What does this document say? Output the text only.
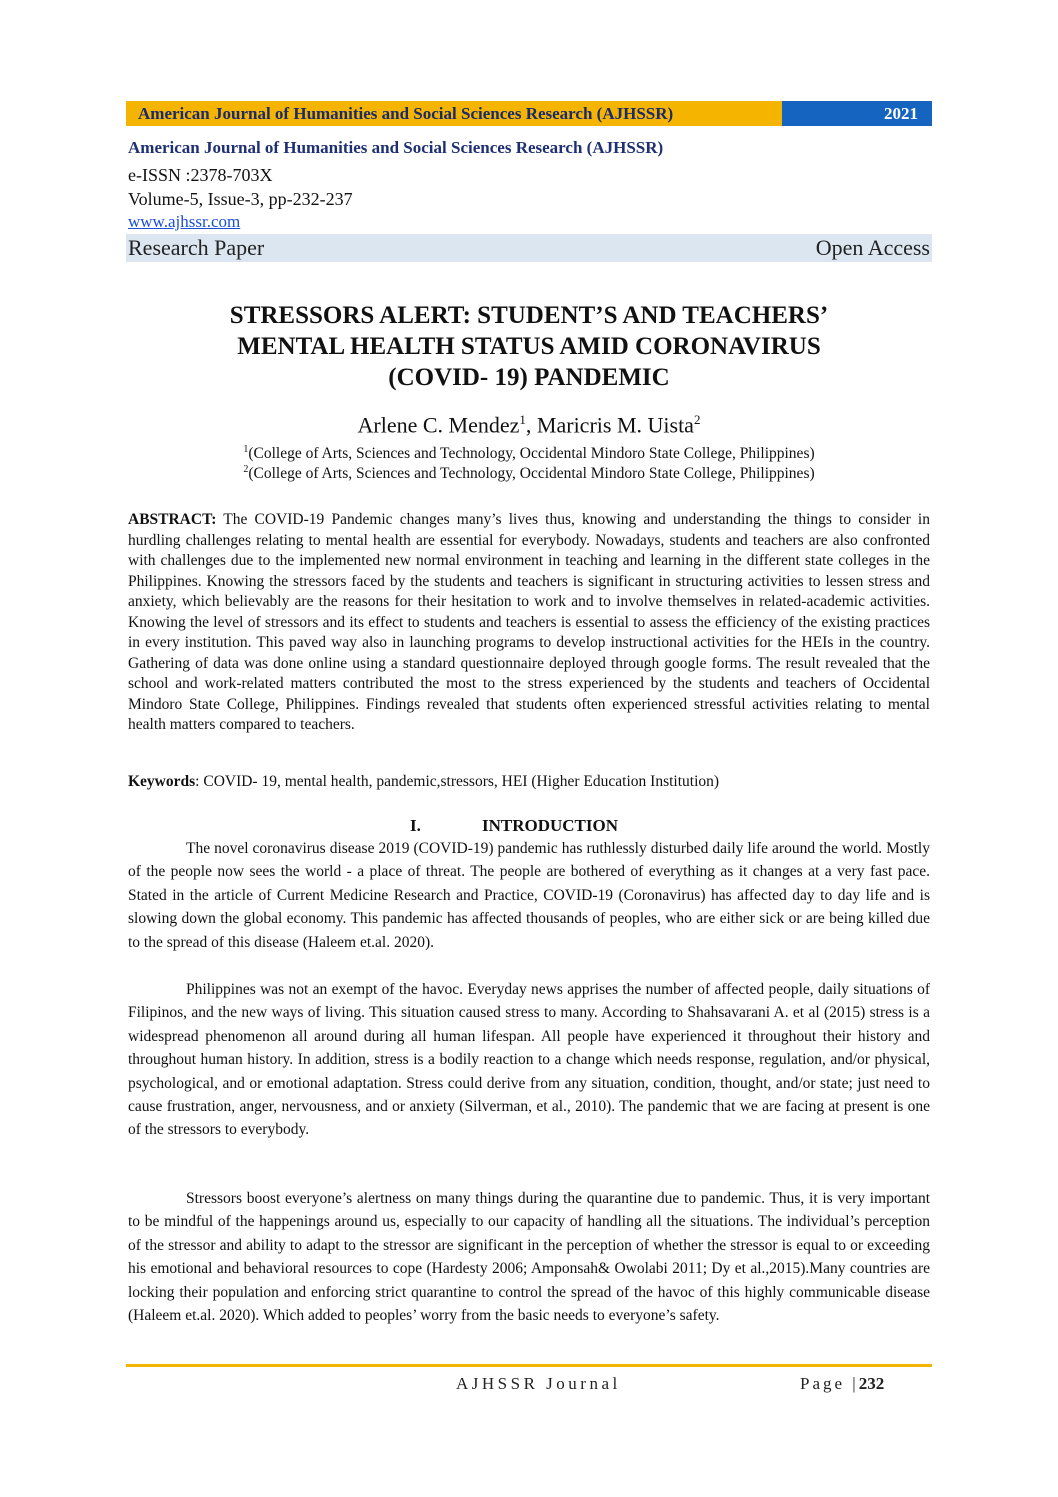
American Journal of Humanities and Social Sciences Research (AJHSSR)	2021
American Journal of Humanities and Social Sciences Research (AJHSSR)
e-ISSN :2378-703X
Volume-5, Issue-3, pp-232-237
www.ajhssr.com
Research Paper	Open Access
STRESSORS ALERT: STUDENT’S AND TEACHERS’
MENTAL HEALTH STATUS AMID CORONAVIRUS
(COVID- 19) PANDEMIC
Arlene C. Mendez$^1$, Maricris M. Uista$^2$
$^1$(College of Arts, Sciences and Technology, Occidental Mindoro State College, Philippines)
$^2$(College of Arts, Sciences and Technology, Occidental Mindoro State College, Philippines)
ABSTRACT: The COVID-19 Pandemic changes many’s lives thus, knowing and understanding the things to consider in hurdling challenges relating to mental health are essential for everybody. Nowadays, students and teachers are also confronted with challenges due to the implemented new normal environment in teaching and learning in the different state colleges in the Philippines. Knowing the stressors faced by the students and teachers is significant in structuring activities to lessen stress and anxiety, which believably are the reasons for their hesitation to work and to involve themselves in related-academic activities. Knowing the level of stressors and its effect to students and teachers is essential to assess the efficiency of the existing practices in every institution. This paved way also in launching programs to develop instructional activities for the HEIs in the country. Gathering of data was done online using a standard questionnaire deployed through google forms. The result revealed that the school and work-related matters contributed the most to the stress experienced by the students and teachers of Occidental Mindoro State College, Philippines. Findings revealed that students often experienced stressful activities relating to mental health matters compared to teachers.
Keywords: COVID- 19, mental health, pandemic,stressors, HEI (Higher Education Institution)
I.	INTRODUCTION

The novel coronavirus disease 2019 (COVID-19) pandemic has ruthlessly disturbed daily life around the world. Mostly of the people now sees the world - a place of threat. The people are bothered of everything as it changes at a very fast pace. Stated in the article of Current Medicine Research and Practice, COVID-19 (Coronavirus) has affected day to day life and is slowing down the global economy. This pandemic has affected thousands of peoples, who are either sick or are being killed due to the spread of this disease (Haleem et.al. 2020).

Philippines was not an exempt of the havoc. Everyday news apprises the number of affected people, daily situations of Filipinos, and the new ways of living. This situation caused stress to many. According to Shahsavarani A. et al (2015) stress is a widespread phenomenon all around during all human lifespan. All people have experienced it throughout their history and throughout human history. In addition, stress is a bodily reaction to a change which needs response, regulation, and/or physical, psychological, and or emotional adaptation. Stress could derive from any situation, condition, thought, and/or state; just need to cause frustration, anger, nervousness, and or anxiety (Silverman, et al., 2010). The pandemic that we are facing at present is one of the stressors to everybody.

Stressors boost everyone’s alertness on many things during the quarantine due to pandemic. Thus, it is very important to be mindful of the happenings around us, especially to our capacity of handling all the situations. The individual’s perception of the stressor and ability to adapt to the stressor are significant in the perception of whether the stressor is equal to or exceeding his emotional and behavioral resources to cope (Hardesty 2006; Amponsah& Owolabi 2011; Dy et al.,2015).Many countries are locking their population and enforcing strict quarantine to control the spread of the havoc of this highly communicable disease (Haleem et.al. 2020). Which added to peoples’ worry from the basic needs to everyone’s safety.

AJHSSR Journal	Page |232
